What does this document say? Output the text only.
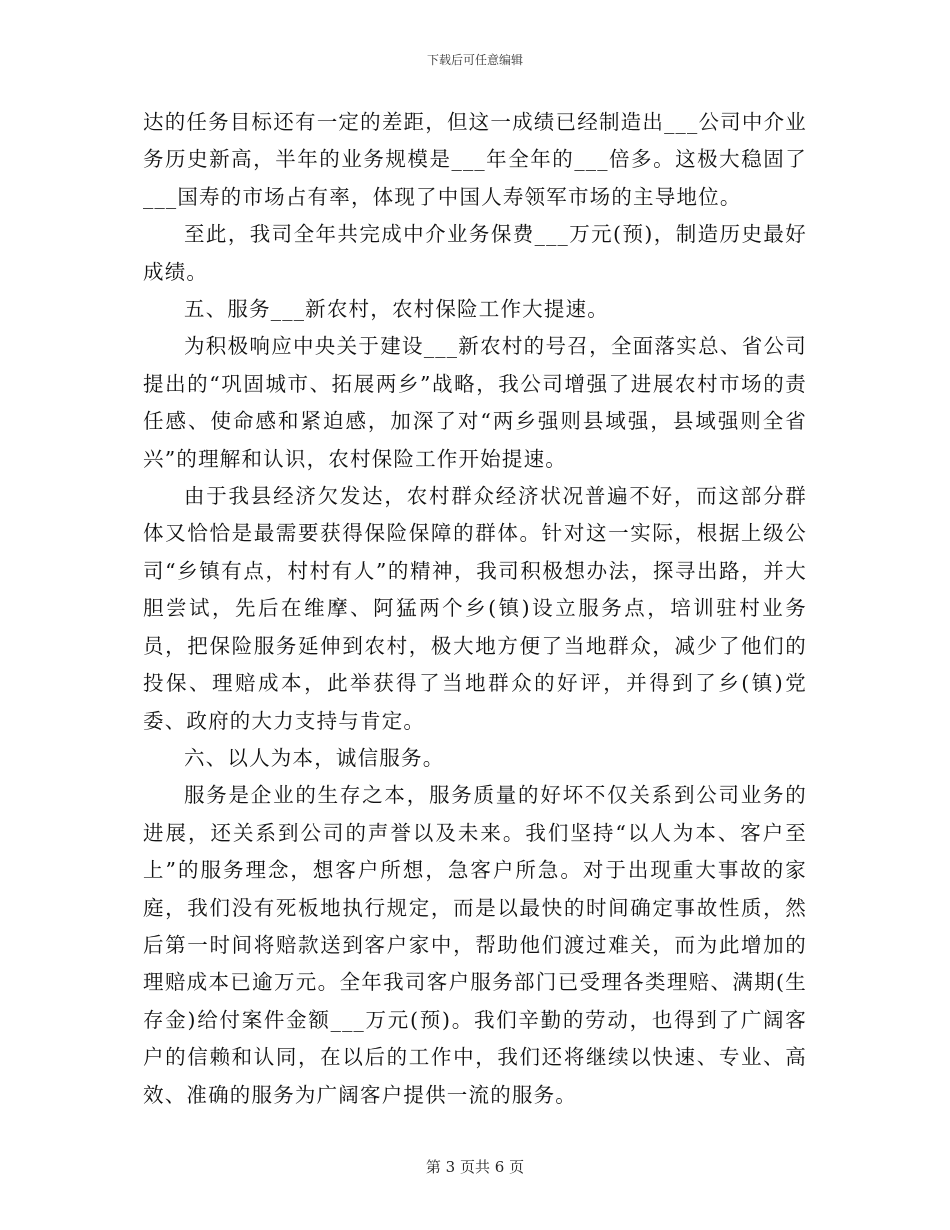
下载后可任意编辑

达的任务目标还有一定的差距，但这一成绩已经制造出___公司中介业务历史新高，半年的业务规模是___年全年的___倍多。这极大稳固了___国寿的市场占有率，体现了中国人寿领军市场的主导地位。

至此，我司全年共完成中介业务保费___万元(预)，制造历史最好成绩。

五、服务___新农村，农村保险工作大提速。

为积极响应中央关于建设___新农村的号召，全面落实总、省公司提出的“巩固城市、拓展两乡”战略，我公司增强了进展农村市场的责任感、使命感和紧迫感，加深了对“两乡强则县域强，县域强则全省兴”的理解和认识，农村保险工作开始提速。

由于我县经济欠发达，农村群众经济状况普遍不好，而这部分群体又恰恰是最需要获得保险保障的群体。针对这一实际，根据上级公司“乡镇有点，村村有人”的精神，我司积极想办法，探寻出路，并大胆尝试，先后在维摩、阿猛两个乡(镇)设立服务点，培训驻村业务员，把保险服务延伸到农村，极大地方便了当地群众，减少了他们的投保、理赔成本，此举获得了当地群众的好评，并得到了乡(镇)党委、政府的大力支持与肯定。

六、以人为本，诚信服务。

服务是企业的生存之本，服务质量的好坏不仅关系到公司业务的进展，还关系到公司的声誉以及未来。我们坚持“以人为本、客户至上”的服务理念，想客户所想，急客户所急。对于出现重大事故的家庭，我们没有死板地执行规定，而是以最快的时间确定事故性质，然后第一时间将赔款送到客户家中，帮助他们渡过难关，而为此增加的理赔成本已逾万元。全年我司客户服务部门已受理各类理赔、满期(生存金)给付案件金额___万元(预)。我们辛勤的劳动，也得到了广阔客户的信赖和认同，在以后的工作中，我们还将继续以快速、专业、高效、准确的服务为广阔客户提供一流的服务。

第 3 页共 6 页
